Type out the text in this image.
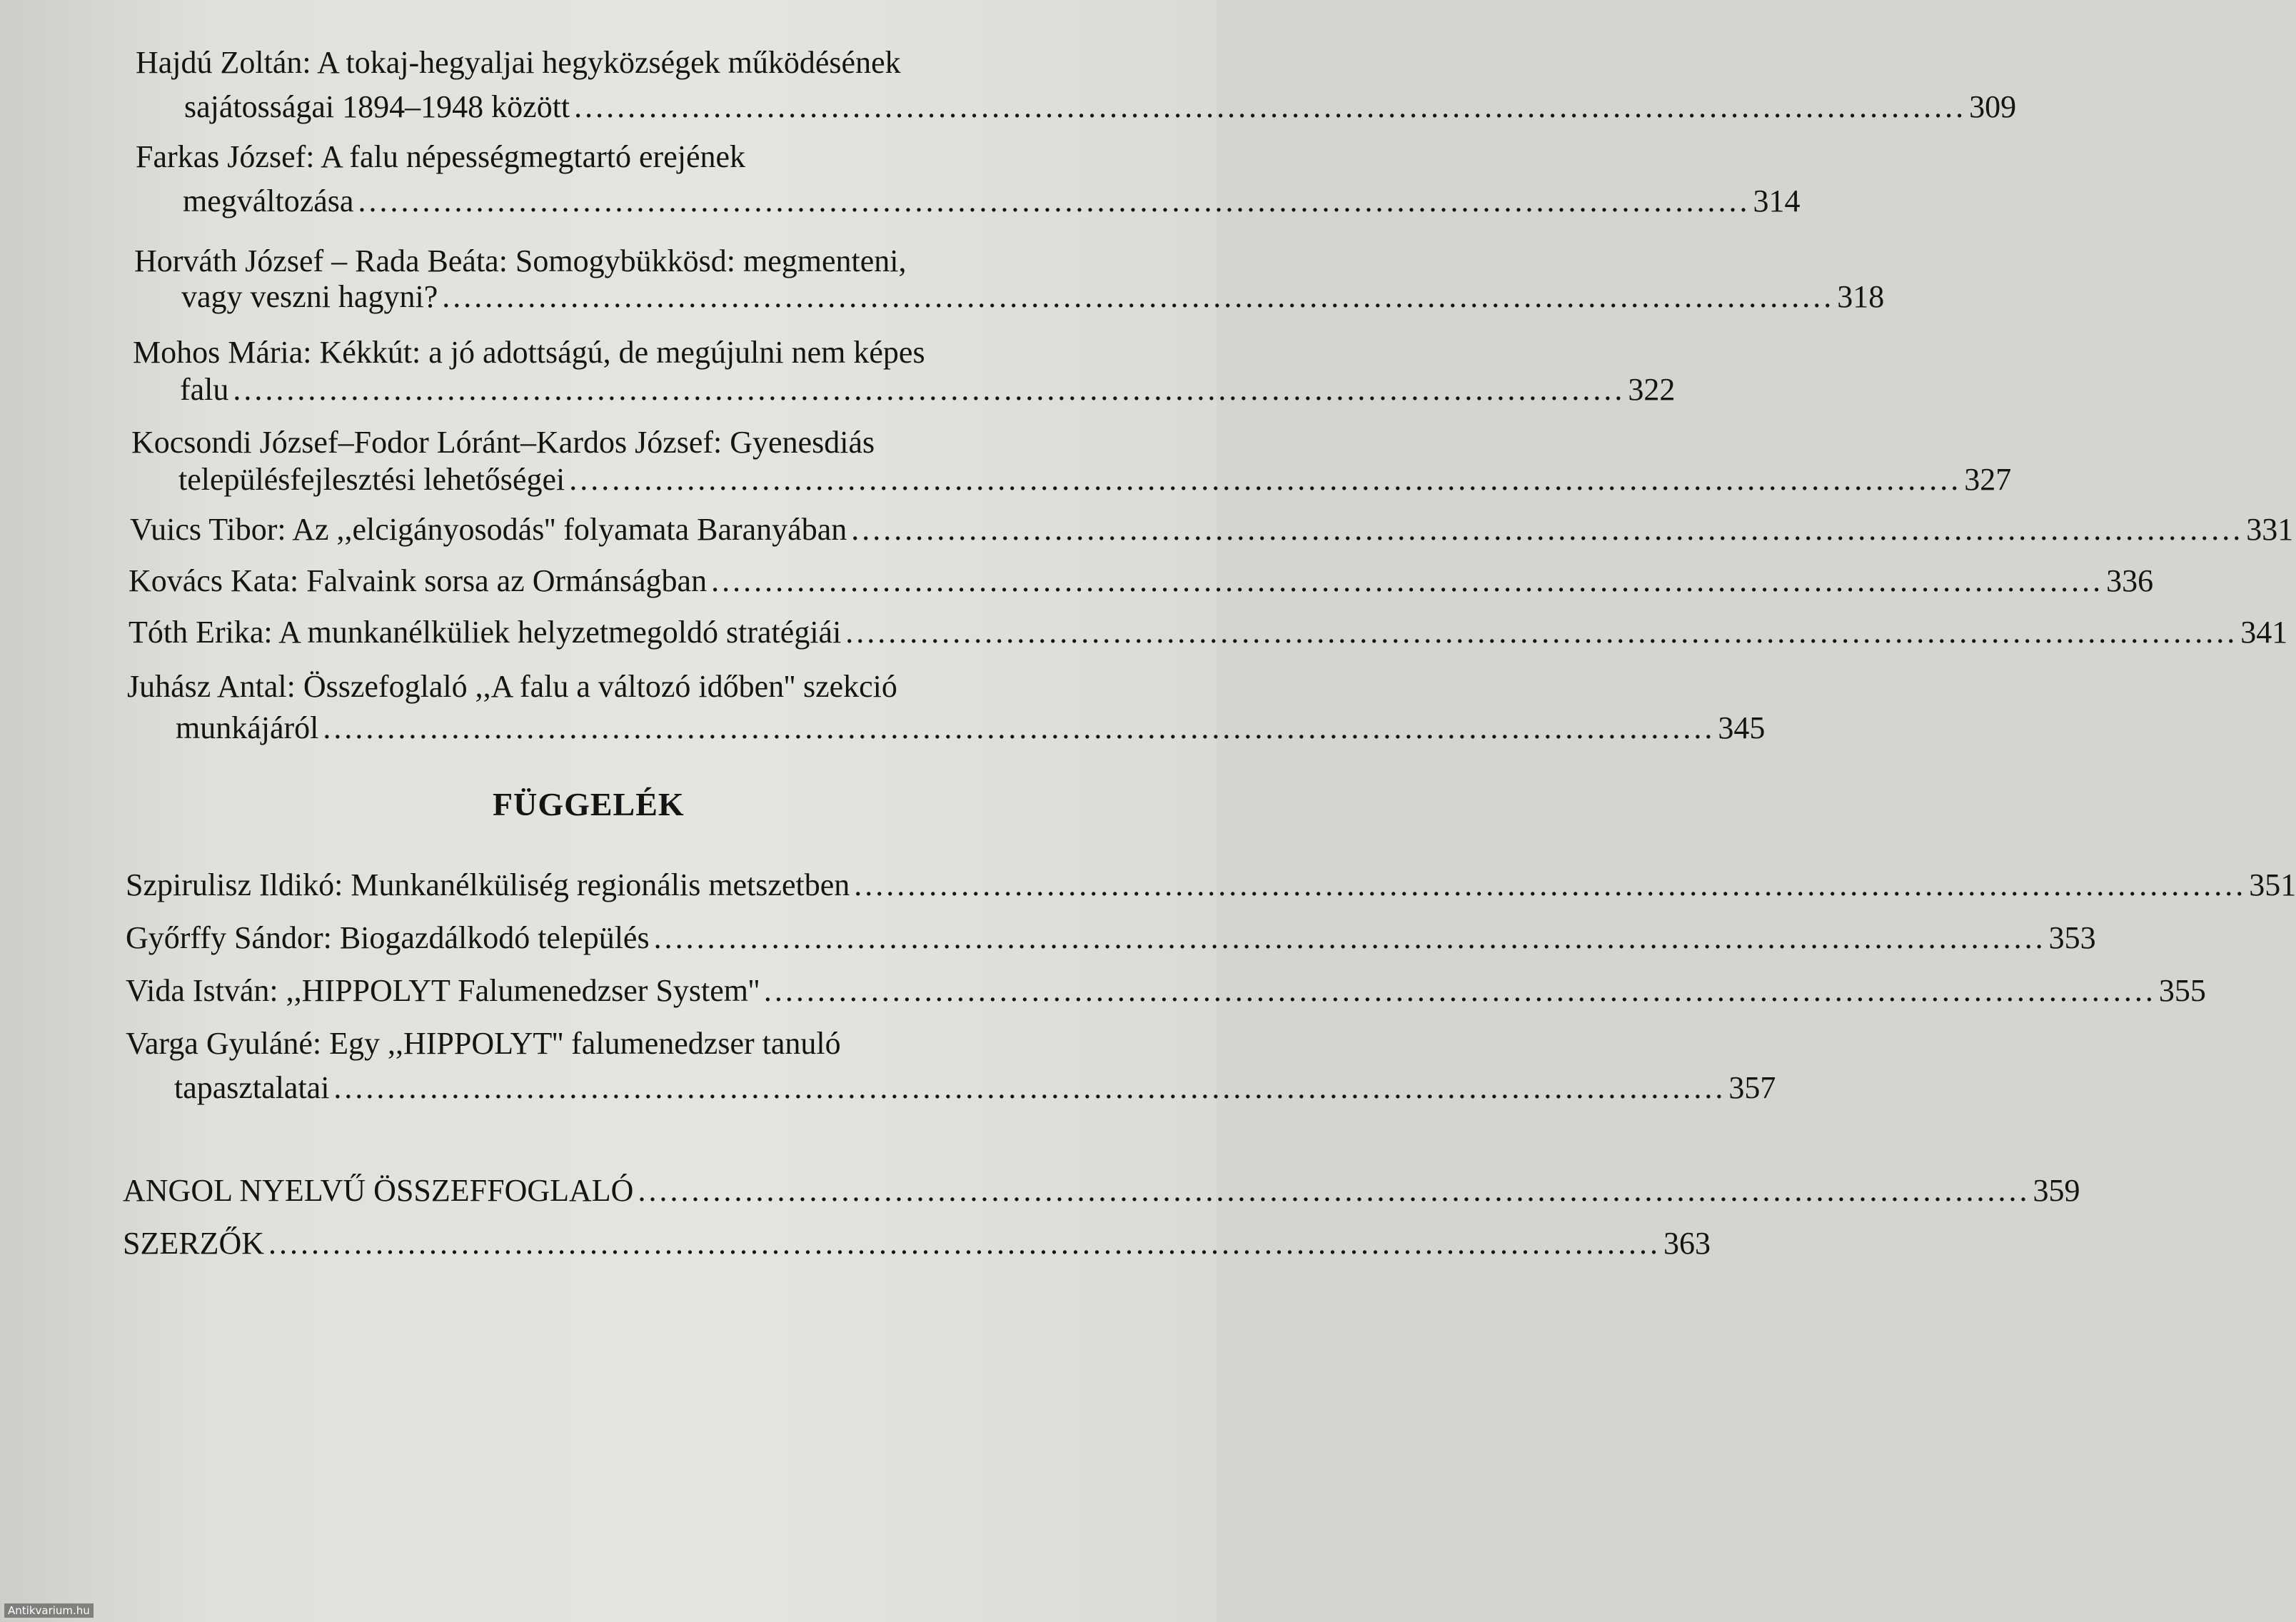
Hajdú Zoltán: A tokaj-hegyaljai hegyközségek működésének
sajátosságai 1894–1948 között .................................................................................................................................. 309
Farkas József: A falu népességmegtartó erejének
megváltozása .................................................................................................................................. 314
Horváth József – Rada Beáta: Somogybükkösd: megmenteni,
vagy veszni hagyni? .................................................................................................................................. 318
Mohos Mária: Kékkút: a jó adottságú, de megújulni nem képes
falu .................................................................................................................................. 322
Kocsondi József–Fodor Lóránt–Kardos József: Gyenesdiás
településfejlesztési lehetőségei .................................................................................................................................. 327
Vuics Tibor: Az ,,elcigányosodás'' folyamata Baranyában .................................................................................................................................. 331
Kovács Kata: Falvaink sorsa az Ormánságban .................................................................................................................................. 336
Tóth Erika: A munkanélküliek helyzetmegoldó stratégiái .................................................................................................................................. 341
Juhász Antal: Összefoglaló ,,A falu a változó időben'' szekció
munkájáról .................................................................................................................................. 345
FÜGGELÉK
Szpirulisz Ildikó: Munkanélküliség regionális metszetben .................................................................................................................................. 351
Győrffy Sándor: Biogazdálkodó település .................................................................................................................................. 353
Vida István: ,,HIPPOLYT Falumenedzser System'' .................................................................................................................................. 355
Varga Gyuláné: Egy ,,HIPPOLYT'' falumenedzser tanuló
tapasztalatai .................................................................................................................................. 357
ANGOL NYELVŰ ÖSSZEFFOGLALÓ .................................................................................................................................. 359
SZERZŐK .................................................................................................................................. 363
Antikvarium.hu
